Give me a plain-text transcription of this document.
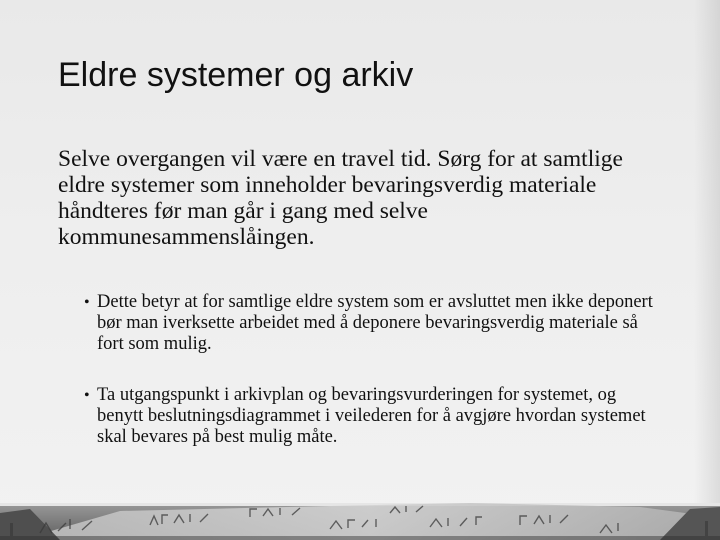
Eldre systemer og arkiv

Selve overgangen vil være en travel tid. Sørg for at samtlige eldre systemer som inneholder bevaringsverdig materiale håndteres før man går i gang med selve kommunesammenslåingen.

• Dette betyr at for samtlige eldre system som er avsluttet men ikke deponert bør man iverksette arbeidet med å deponere bevaringsverdig materiale så fort som mulig.

• Ta utgangspunkt i arkivplan og bevaringsvurderingen for systemet, og benytt beslutningsdiagrammet i veilederen for å avgjøre hvordan systemet skal bevares på best mulig måte.
